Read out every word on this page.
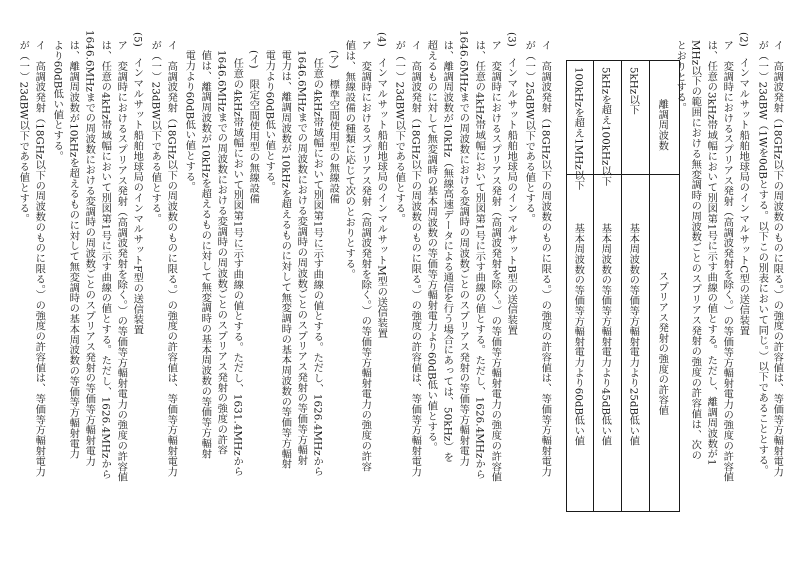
イ　高調波発射（18GHz以下の周波数のものに限る。）の強度の許容値は、等価等方輻射電力
が（一）23dBW（1Wを0dBとする。以下この別表において同じ。）以下であることとする。
(2)　インマルサット船舶地球局のインマルサットC型の送信装置
ア　変調時におけるスプリアス発射（高調波発射を除く。）の等価等方輻射電力の強度の許容値
は、任意の3kHz帯域幅において別図第1号に示す曲線の値とする。ただし、離調周波数が1
MHz以下の範囲における無変調時の周波数ごとのスプリアス発射の強度の許容値は、次の
とおりとする。
離調周波数
スプリアス発射の強度の許容値
5kHz以下
基本周波数の等価等方輻射電力より25dB低い値
5kHzを超え100kHz以下
基本周波数の等価等方輻射電力より45dB低い値
100kHzを超え1MHz以下
基本周波数の等価等方輻射電力より60dB低い値
イ　高調波発射（18GHz以下の周波数のものに限る。）の強度の許容値は、等価等方輻射電力
が（一）25dBW以下である値とする。
(3)　インマルサット船舶地球局のインマルサットB型の送信装置
ア　変調時におけるスプリアス発射（高調波発射を除く。）の等価等方輻射電力の強度の許容値
は、任意の4kHz帯域幅において別図第1号に示す曲線の値とする。ただし、1626.4MHzから
1646.6MHzまでの周波数における変調時の周波数ごとのスプリアス発射の等価等方輻射電力
は、離調周波数が10kHz（無線高速データによる通信を行う場合にあっては、50kHz）を
超えるものに対して無変調時の基本周波数の等価等方輻射電力より60dB低い値とする。
イ　高調波発射（18GHz以下の周波数のものに限る。）の強度の許容値は、等価等方輻射電力
が（一）23dBW以下である値とする。
(4)　インマルサット船舶地球局のインマルサットM型の送信装置
ア　変調時におけるスプリアス発射（高調波発射を除く。）の等価等方輻射電力の強度の許容
値は、無線設備の種類に応じて次のとおりとする。
(ア)　標準空間使用型の無線設備
任意の4kHz帯域幅において別図第1号に示す曲線の値とする。ただし、1626.4MHzから
1646.6MHzまでの周波数における変調時の周波数ごとのスプリアス発射の等価等方輻射
電力は、離調周波数が10kHzを超えるものに対して無変調時の基本周波数の等価等方輻射
電力より60dB低い値とする。
(イ)　限定空間使用型の無線設備
任意の4kHz帯域幅において別図第1号に示す曲線の値とする。ただし、1631.4MHzから
1646.6MHzまでの周波数における変調時の周波数ごとのスプリアス発射の強度の許容
値は、離調周波数が10kHzを超えるものに対して無変調時の基本周波数の等価等方輻射
電力より60dB低い値とする。
イ　高調波発射（18GHz以下の周波数のものに限る。）の強度の許容値は、等価等方輻射電力
が（一）23dBW以下である値とする。
(5)　インマルサット船舶地球局のインマルサットF型の送信装置
ア　変調時におけるスプリアス発射（高調波発射を除く。）の等価等方輻射電力の強度の許容値
は、任意の4kHz帯域幅において別図第1号に示す曲線の値とする。ただし、1626.4MHzから
1646.6MHzまでの周波数における変調時の周波数ごとのスプリアス発射の等価等方輻射電力
は、離調周波数が10kHzを超えるものに対して無変調時の基本周波数の等価等方輻射電力
より60dB低い値とする。
イ　高調波発射（18GHz以下の周波数のものに限る。）の強度の許容値は、等価等方輻射電力
が（一）23dBW以下である値とする。
